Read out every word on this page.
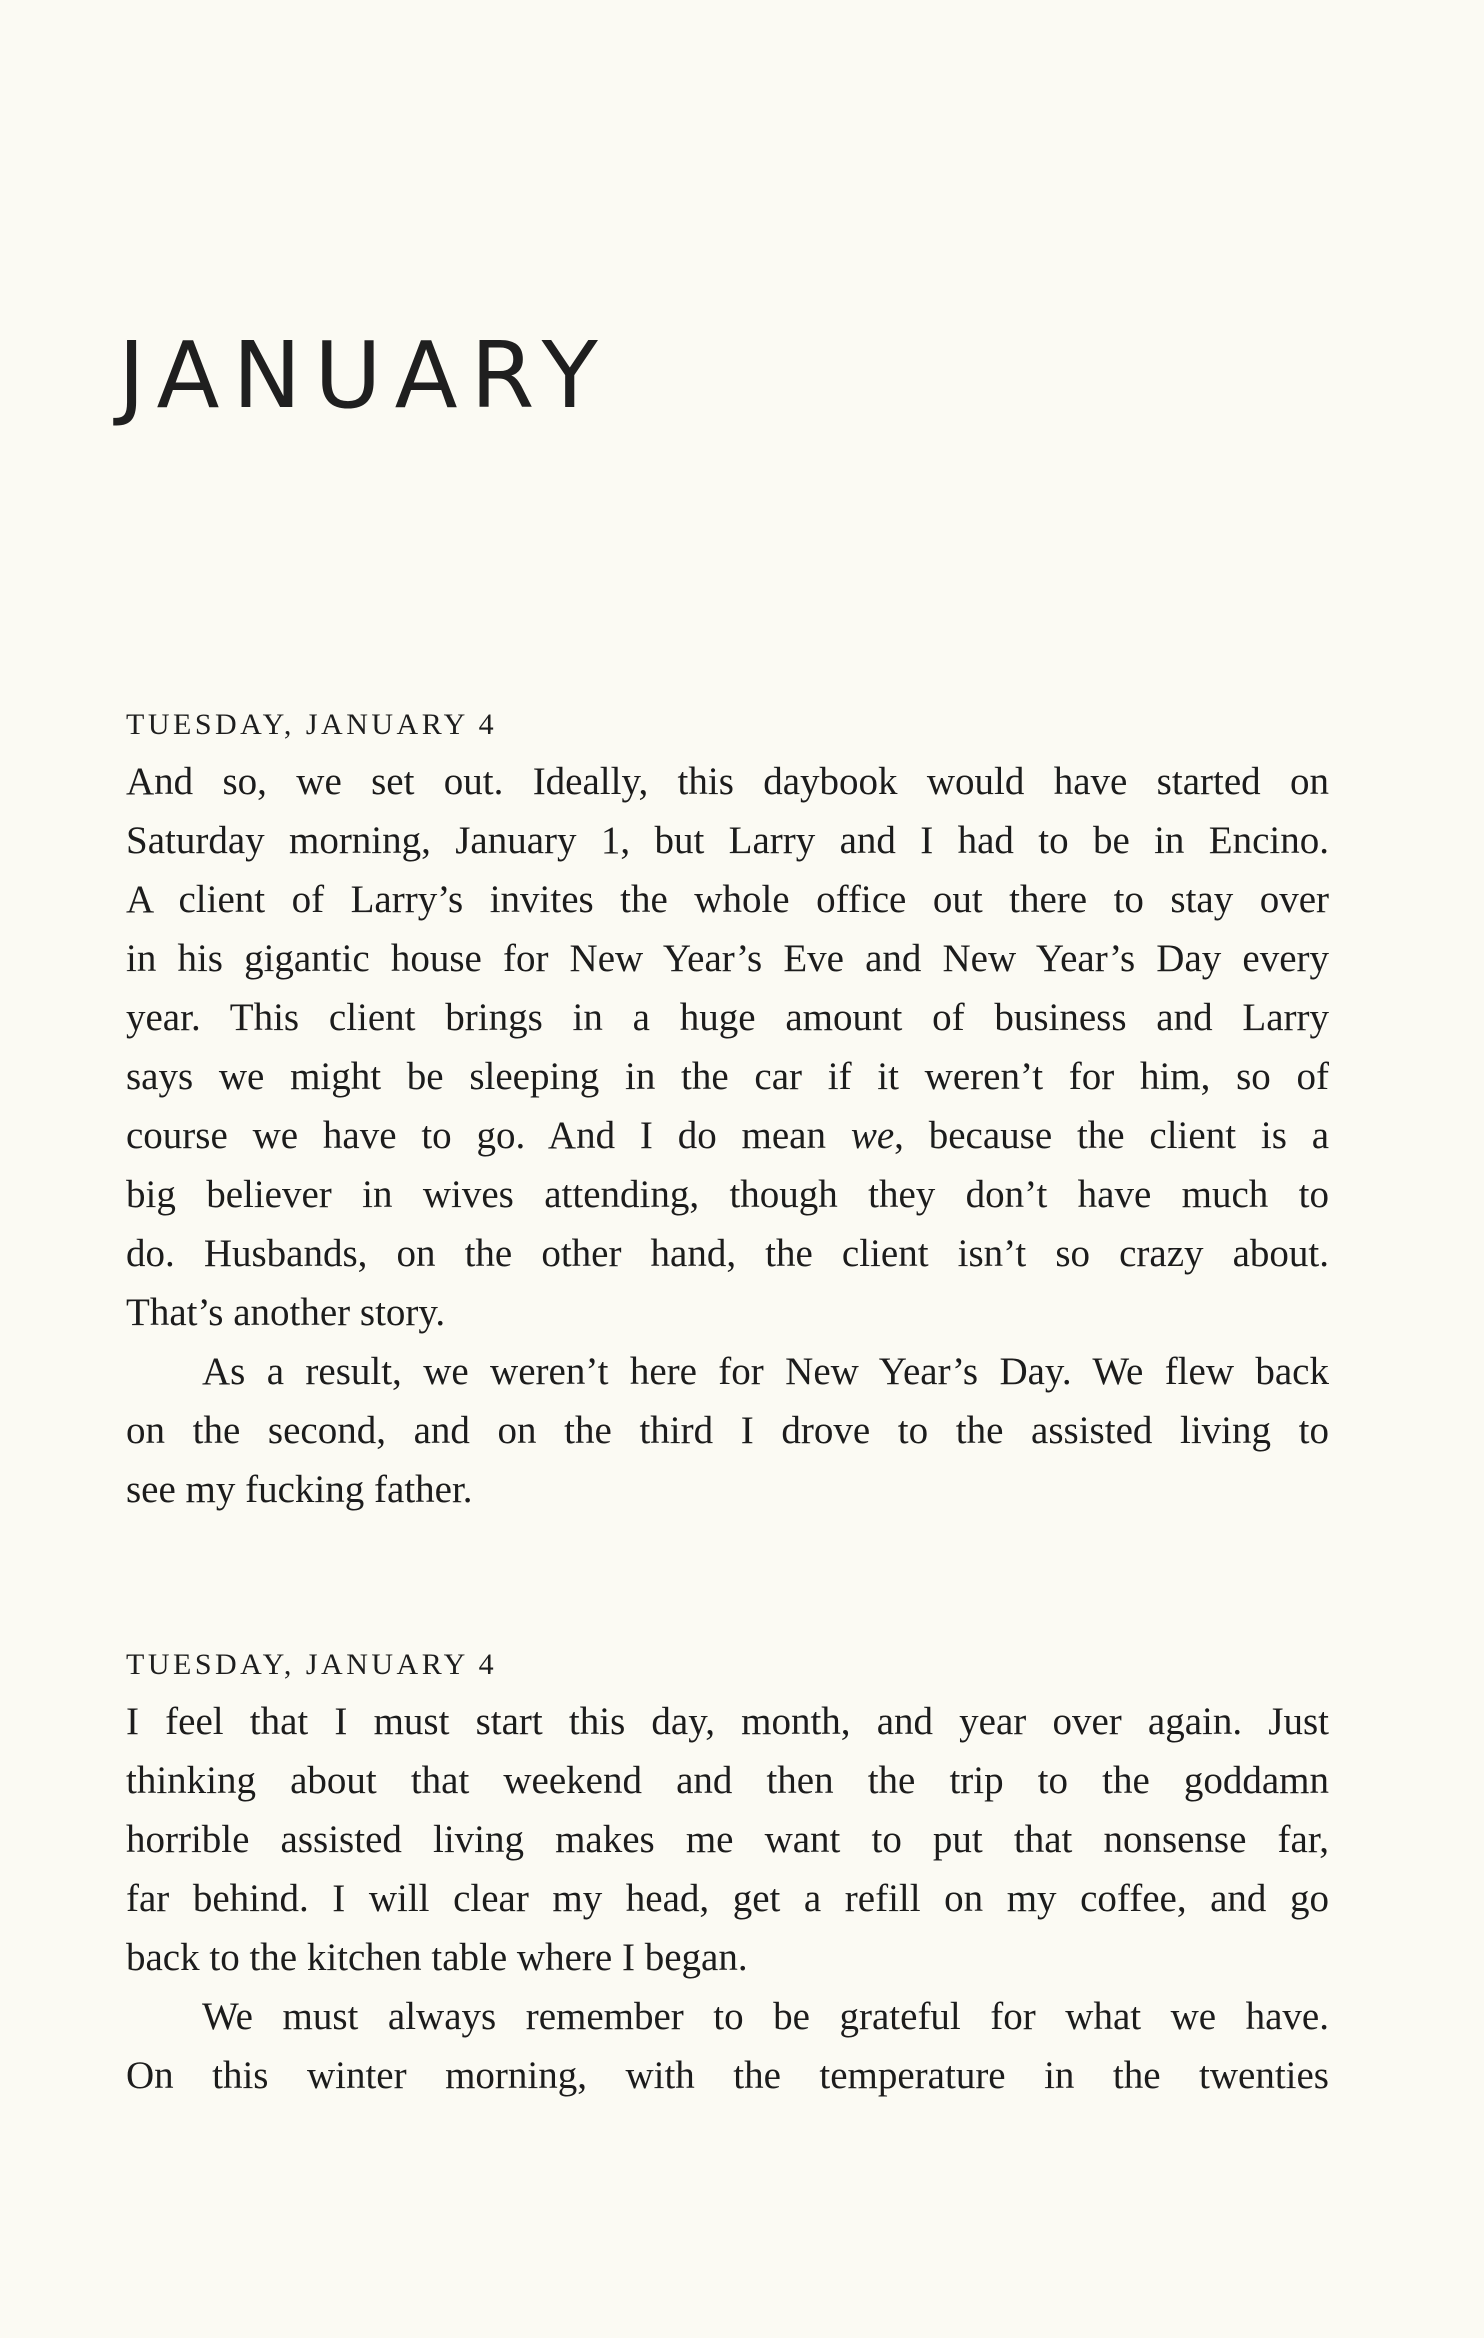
JANUARY
TUESDAY, JANUARY 4

And so, we set out. Ideally, this daybook would have started on
Saturday morning, January 1, but Larry and I had to be in Encino.
A client of Larry’s invites the whole office out there to stay over
in his gigantic house for New Year’s Eve and New Year’s Day every
year. This client brings in a huge amount of business and Larry
says we might be sleeping in the car if it weren’t for him, so of
course we have to go. And I do mean we, because the client is a
big believer in wives attending, though they don’t have much to
do. Husbands, on the other hand, the client isn’t so crazy about.
That’s another story.

As a result, we weren’t here for New Year’s Day. We flew back
on the second, and on the third I drove to the assisted living to
see my fucking father.

TUESDAY, JANUARY 4

I feel that I must start this day, month, and year over again. Just
thinking about that weekend and then the trip to the goddamn
horrible assisted living makes me want to put that nonsense far,
far behind. I will clear my head, get a refill on my coffee, and go
back to the kitchen table where I began.

We must always remember to be grateful for what we have.
On this winter morning, with the temperature in the twenties
